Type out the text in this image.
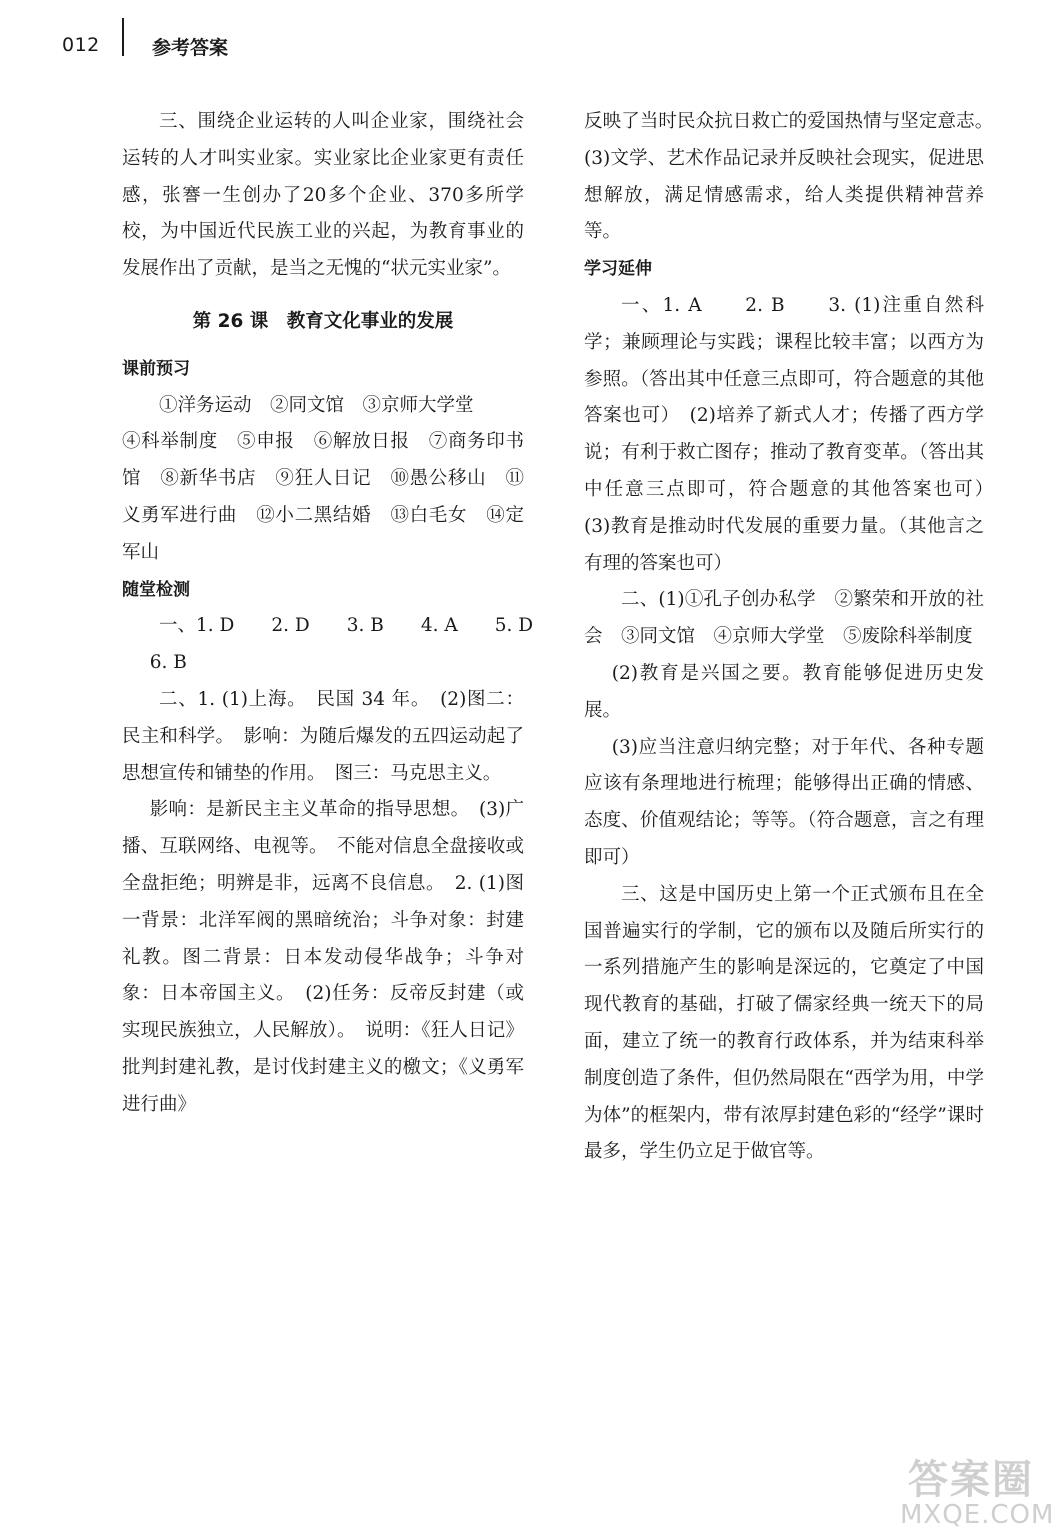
012	参考答案

三、围绕企业运转的人叫企业家，围绕社会运转的人才叫实业家。实业家比企业家更有责任感，张謇一生创办了20多个企业、370多所学校，为中国近代民族工业的兴起，为教育事业的发展作出了贡献，是当之无愧的“状元实业家”。

第 26 课　教育文化事业的发展

课前预习

①洋务运动　②同文馆　③京师大学堂

④科举制度　⑤申报　⑥解放日报　⑦商务印书馆　⑧新华书店　⑨狂人日记　⑩愚公移山　⑪义勇军进行曲　⑫小二黑结婚　⑬白毛女　⑭定军山

随堂检测

一、1. D　　2. D　　3. B　　4. A　　5. D

6. B

二、1. (1)上海。　民国 34 年。　(2)图二：民主和科学。　影响：为随后爆发的五四运动起了思想宣传和铺垫的作用。　图三：马克思主义。

影响：是新民主主义革命的指导思想。　(3)广播、互联网络、电视等。　不能对信息全盘接收或全盘拒绝；明辨是非，远离不良信息。　2. (1)图一背景：北洋军阀的黑暗统治；斗争对象：封建礼教。图二背景：日本发动侵华战争；斗争对象：日本帝国主义。　(2)任务：反帝反封建（或实现民族独立，人民解放）。　说明：《狂人日记》批判封建礼教，是讨伐封建主义的檄文；《义勇军进行曲》

反映了当时民众抗日救亡的爱国热情与坚定意志。　(3)文学、艺术作品记录并反映社会现实，促进思想解放，满足情感需求，给人类提供精神营养等。

学习延伸

一、1. A　　2. B　　3. (1)注重自然科学；兼顾理论与实践；课程比较丰富；以西方为参照。（答出其中任意三点即可，符合题意的其他答案也可）　(2)培养了新式人才；传播了西方学说；有利于救亡图存；推动了教育变革。（答出其中任意三点即可，符合题意的其他答案也可）　(3)教育是推动时代发展的重要力量。（其他言之有理的答案也可）

二、(1)①孔子创办私学　②繁荣和开放的社会　③同文馆　④京师大学堂　⑤废除科举制度

(2)教育是兴国之要。教育能够促进历史发展。

(3)应当注意归纳完整；对于年代、各种专题应该有条理地进行梳理；能够得出正确的情感、态度、价值观结论；等等。（符合题意，言之有理即可）

三、这是中国历史上第一个正式颁布且在全国普遍实行的学制，它的颁布以及随后所实行的一系列措施产生的影响是深远的，它奠定了中国现代教育的基础，打破了儒家经典一统天下的局面，建立了统一的教育行政体系，并为结束科举制度创造了条件，但仍然局限在“西学为用，中学为体”的框架内，带有浓厚封建色彩的“经学”课时最多，学生仍立足于做官等。

答案圈
MXQE.COM
